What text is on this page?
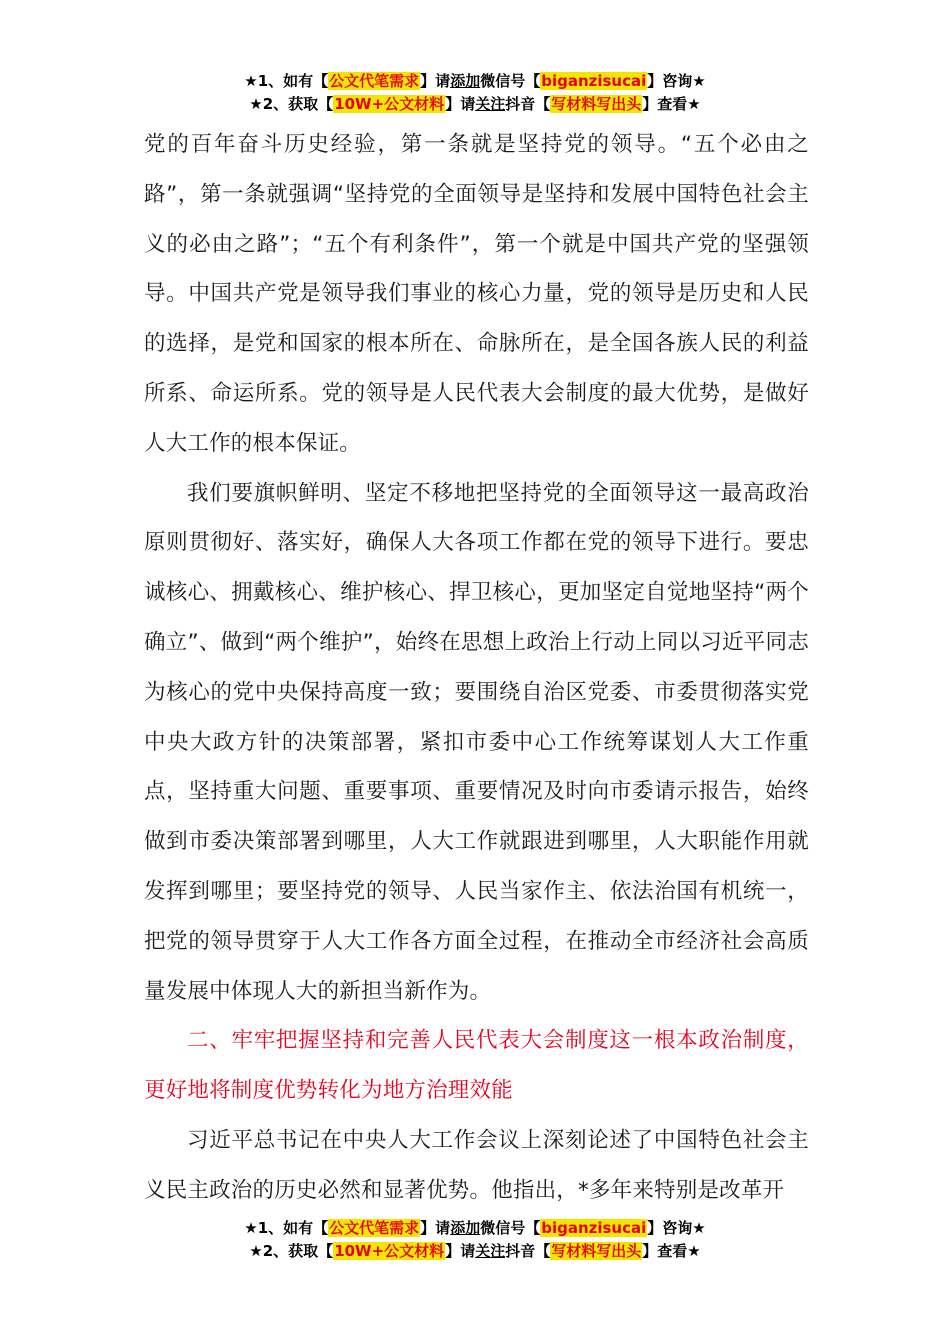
★1、如有【公文代笔需求】请添加微信号【biganzisucai】咨询★
★2、获取【10W+公文材料】请关注抖音【写材料写出头】查看★

党的百年奋斗历史经验，第一条就是坚持党的领导。“五个必由之路”，第一条就强调“坚持党的全面领导是坚持和发展中国特色社会主义的必由之路”；“五个有利条件”，第一个就是中国共产党的坚强领导。中国共产党是领导我们事业的核心力量，党的领导是历史和人民的选择，是党和国家的根本所在、命脉所在，是全国各族人民的利益所系、命运所系。党的领导是人民代表大会制度的最大优势，是做好人大工作的根本保证。

我们要旗帜鲜明、坚定不移地把坚持党的全面领导这一最高政治原则贯彻好、落实好，确保人大各项工作都在党的领导下进行。要忠诚核心、拥戴核心、维护核心、捍卫核心，更加坚定自觉地坚持“两个确立”、做到“两个维护”，始终在思想上政治上行动上同以习近平同志为核心的党中央保持高度一致；要围绕自治区党委、市委贯彻落实党中央大政方针的决策部署，紧扣市委中心工作统筹谋划人大工作重点，坚持重大问题、重要事项、重要情况及时向市委请示报告，始终做到市委决策部署到哪里，人大工作就跟进到哪里，人大职能作用就发挥到哪里；要坚持党的领导、人民当家作主、依法治国有机统一，把党的领导贯穿于人大工作各方面全过程，在推动全市经济社会高质量发展中体现人大的新担当新作为。

二、牢牢把握坚持和完善人民代表大会制度这一根本政治制度，更好地将制度优势转化为地方治理效能

习近平总书记在中央人大工作会议上深刻论述了中国特色社会主义民主政治的历史必然和显著优势。他指出，*多年来特别是改革开

★1、如有【公文代笔需求】请添加微信号【biganzisucai】咨询★
★2、获取【10W+公文材料】请关注抖音【写材料写出头】查看★
